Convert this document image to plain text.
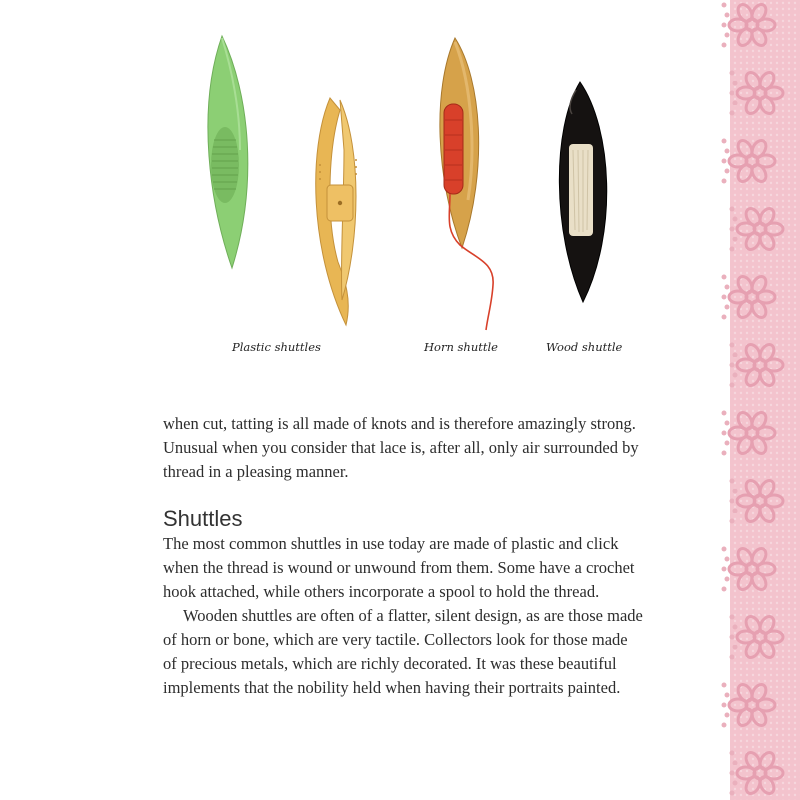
Plastic shuttles	Horn shuttle	Wood shuttle

when cut, tatting is all made of knots and is therefore amazingly strong. Unusual when you consider that lace is, after all, only air surrounded by thread in a pleasing manner.

Shuttles

The most common shuttles in use today are made of plastic and click when the thread is wound or unwound from them. Some have a crochet hook attached, while others incorporate a spool to hold the thread.

Wooden shuttles are often of a flatter, silent design, as are those made of horn or bone, which are very tactile. Collectors look for those made of precious metals, which are richly decorated. It was these beautiful implements that the nobility held when having their portraits painted.
